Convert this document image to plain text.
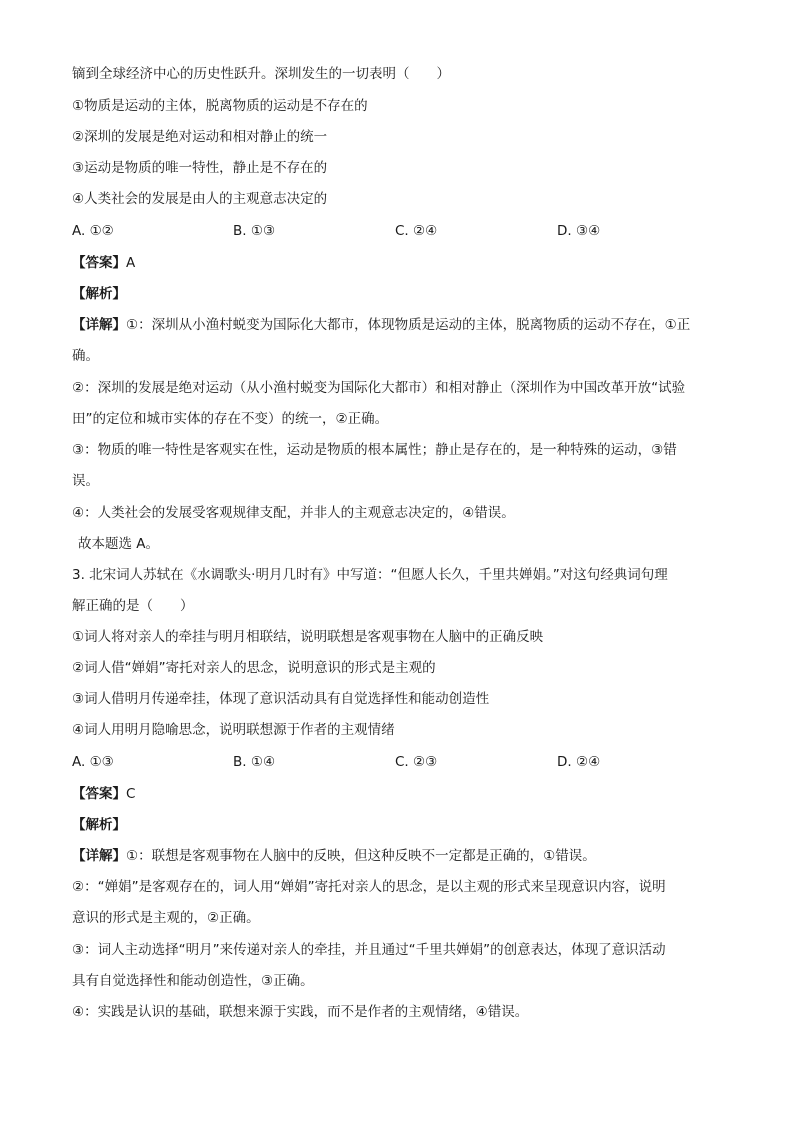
镝到全球经济中心的历史性跃升。深圳发生的一切表明（　　）
①物质是运动的主体，脱离物质的运动是不存在的
②深圳的发展是绝对运动和相对静止的统一
③运动是物质的唯一特性，静止是不存在的
④人类社会的发展是由人的主观意志决定的
A. ①②	B. ①③	C. ②④	D. ③④
【答案】A
【解析】
【详解】①：深圳从小渔村蜕变为国际化大都市，体现物质是运动的主体，脱离物质的运动不存在，①正
确。
②：深圳的发展是绝对运动（从小渔村蜕变为国际化大都市）和相对静止（深圳作为中国改革开放“试验
田”的定位和城市实体的存在不变）的统一，②正确。
③：物质的唯一特性是客观实在性，运动是物质的根本属性；静止是存在的，是一种特殊的运动，③错
误。
④：人类社会的发展受客观规律支配，并非人的主观意志决定的，④错误。
故本题选 A。
3. 北宋词人苏轼在《水调歌头·明月几时有》中写道：“但愿人长久，千里共婵娟。”对这句经典词句理
解正确的是（　　）
①词人将对亲人的牵挂与明月相联结，说明联想是客观事物在人脑中的正确反映
②词人借“婵娟”寄托对亲人的思念，说明意识的形式是主观的
③词人借明月传递牵挂，体现了意识活动具有自觉选择性和能动创造性
④词人用明月隐喻思念，说明联想源于作者的主观情绪
A. ①③	B. ①④	C. ②③	D. ②④
【答案】C
【解析】
【详解】①：联想是客观事物在人脑中的反映，但这种反映不一定都是正确的，①错误。
②：“婵娟”是客观存在的，词人用“婵娟”寄托对亲人的思念，是以主观的形式来呈现意识内容，说明
意识的形式是主观的，②正确。
③：词人主动选择“明月”来传递对亲人的牵挂，并且通过“千里共婵娟”的创意表达，体现了意识活动
具有自觉选择性和能动创造性，③正确。
④：实践是认识的基础，联想来源于实践，而不是作者的主观情绪，④错误。
